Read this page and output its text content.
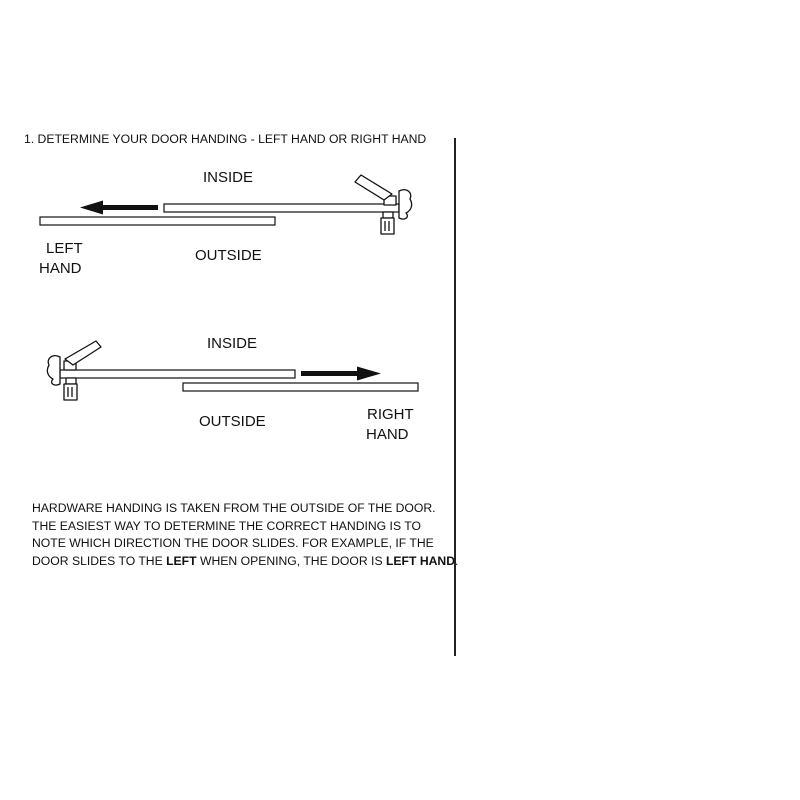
1. DETERMINE YOUR DOOR HANDING - LEFT HAND OR RIGHT HAND
INSIDE
OUTSIDE
LEFT
HAND
INSIDE
OUTSIDE	RIGHT
HAND
HARDWARE HANDING IS TAKEN FROM THE OUTSIDE OF THE DOOR.
THE EASIEST WAY TO DETERMINE THE CORRECT HANDING IS TO
NOTE WHICH DIRECTION THE DOOR SLIDES. FOR EXAMPLE, IF THE
DOOR SLIDES TO THE LEFT WHEN OPENING, THE DOOR IS LEFT HAND.
